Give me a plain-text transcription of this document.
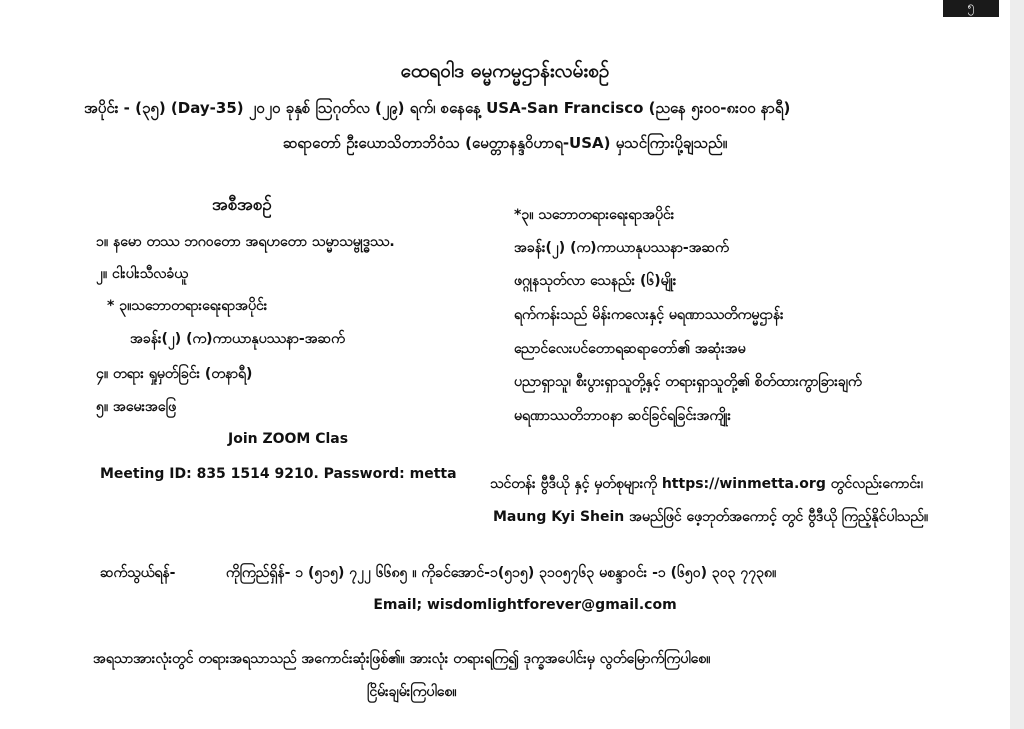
၅
ထေရဝါဒ ဓမ္မကမ္မဌာန်းလမ်းစဉ်
အပိုင်း - (၃၅) (Day-35) ၂၀၂၀ ခုနှစ် ဩဂုတ်လ (၂၉) ရက်၊ စနေနေ့ USA-San Francisco (ညနေ ၅း၀၀-၈း၀၀ နာရီ)
ဆရာတော် ဦးယောသိတာဘိဝံသ (မေတ္တာနန္ဒဝိဟာရ-USA) မှသင်ကြားပို့ချသည်။
အစီအစဉ်
၁။ နမော တဿ ဘဂဝတော အရဟတော သမ္မာသမ္ဗုဒ္ဓဿ.
၂။ ငါးပါးသီလခံယူ
* ၃။သဘောတရားရေးရာအပိုင်း
အခန်း(၂) (က)ကာယာနုပဿနာ-အဆက်
၄။ တရား ရှုမှတ်ခြင်း (တနာရီ)
၅။ အမေးအဖြေ
Join ZOOM Clas
Meeting ID: 835 1514 9210. Password: metta
*၃။ သဘောတရားရေးရာအပိုင်း
အခန်း(၂) (က)ကာယာနုပဿနာ-အဆက်
ဖဂ္ဂုနသုတ်လာ သေနည်း (၆)မျိုး
ရက်ကန်းသည် မိန်းကလေးနှင့် မရဏာဿတိကမ္မဌာန်း
ညောင်လေးပင်တောရဆရာတော်၏ အဆုံးအမ
ပညာရှာသူ၊ စီးပွားရှာသူတို့နှင့် တရားရှာသူတို့၏ စိတ်ထားကွာခြားချက်
မရဏာဿတိဘာဝနာ ဆင်ခြင်ရခြင်းအကျိုး
သင်တန်း ဗွီဒီယို နှင့် မှတ်စုများကို https://winmetta.org တွင်လည်းကောင်း၊
Maung Kyi Shein အမည်ဖြင် ဖေ့ဘုတ်အကောင့် တွင် ဗွီဒီယို ကြည့်နိုင်ပါသည်။
ဆက်သွယ်ရန်-	ကိုကြည်ရှိန်- ၁ (၅၁၅) ၇၂၂ ၆၆၈၅ ။ ကိုခင်အောင်-၁(၅၁၅) ၃၁၀၅၇၆၃ မစန္ဒာဝင်း -၁ (၆၅၀) ၃၀၃ ၇၇၃၈။
Email; wisdomlightforever@gmail.com
အရသာအားလုံးတွင် တရားအရသာသည် အကောင်းဆုံးဖြစ်၏။ အားလုံး တရားရကြ၍ ဒုက္ခအပေါင်းမှ လွတ်မြောက်ကြပါစေ။
ငြိမ်းချမ်းကြပါစေ။
